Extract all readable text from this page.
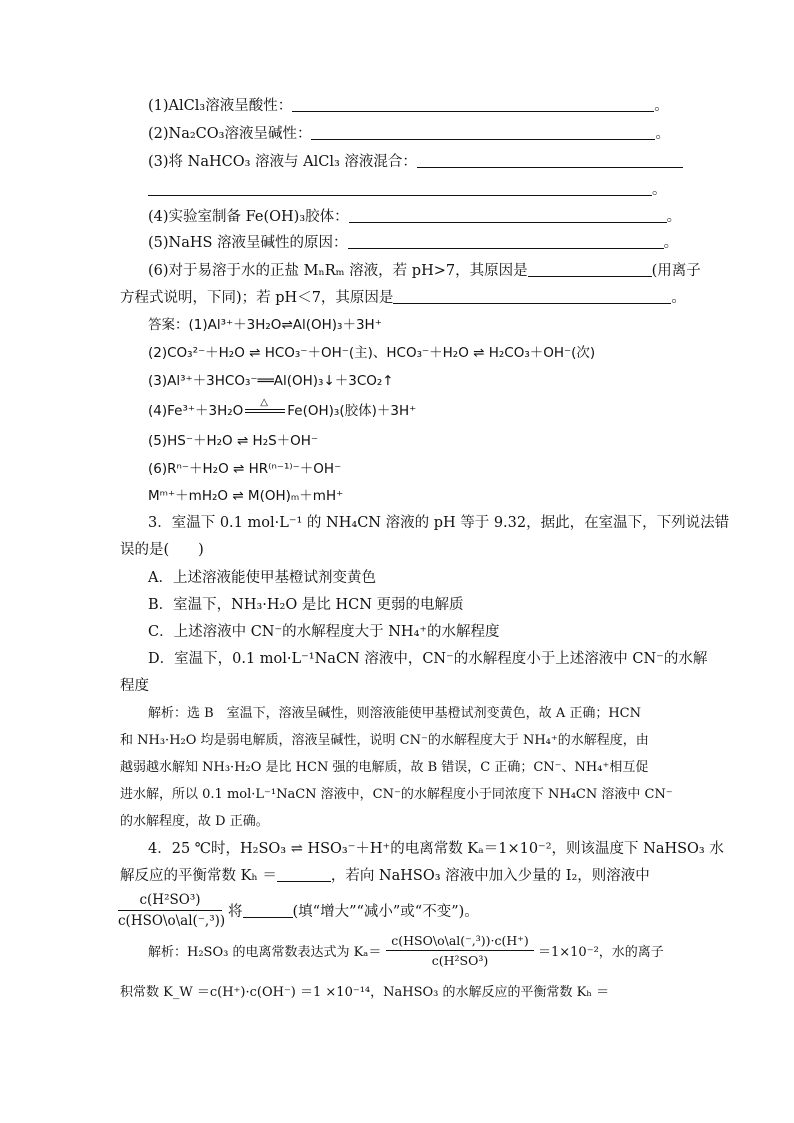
(1)AlCl₃溶液呈酸性：	。
(2)Na₂CO₃溶液呈碱性：	。
(3)将 NaHCO₃ 溶液与 AlCl₃ 溶液混合：
。
(4)实验室制备 Fe(OH)₃胶体：	。
(5)NaHS 溶液呈碱性的原因：	。
(6)对于易溶于水的正盐 MₙRₘ 溶液，若 pH>7，其原因是	(用离子
方程式说明，下同)；若 pH＜7，其原因是	。
答案：(1)Al³⁺＋3H₂O⇌Al(OH)₃＋3H⁺
(2)CO₃²⁻＋H₂O ⇌ HCO₃⁻＋OH⁻(主)、HCO₃⁻＋H₂O ⇌ H₂CO₃＋OH⁻(次)
(3)Al³⁺＋3HCO₃⁻══Al(OH)₃↓＋3CO₂↑
(4)Fe³⁺＋3H₂O
△
Fe(OH)₃(胶体)＋3H⁺
(5)HS⁻＋H₂O ⇌ H₂S＋OH⁻
(6)Rⁿ⁻＋H₂O ⇌ HR⁽ⁿ⁻¹⁾⁻＋OH⁻
Mᵐ⁺＋mH₂O ⇌ M(OH)ₘ＋mH⁺
3．室温下 0.1 mol·L⁻¹ 的 NH₄CN 溶液的 pH 等于 9.32，据此，在室温下，下列说法错
误的是(　　)
A．上述溶液能使甲基橙试剂变黄色
B．室温下，NH₃·H₂O 是比 HCN 更弱的电解质
C．上述溶液中 CN⁻的水解程度大于 NH₄⁺的水解程度
D．室温下，0.1 mol·L⁻¹NaCN 溶液中，CN⁻的水解程度小于上述溶液中 CN⁻的水解
程度
解析：选 B　室温下，溶液呈碱性，则溶液能使甲基橙试剂变黄色，故 A 正确；HCN
和 NH₃·H₂O 均是弱电解质，溶液呈碱性，说明 CN⁻的水解程度大于 NH₄⁺的水解程度，由
越弱越水解知 NH₃·H₂O 是比 HCN 强的电解质，故 B 错误，C 正确；CN⁻、NH₄⁺相互促
进水解，所以 0.1 mol·L⁻¹NaCN 溶液中，CN⁻的水解程度小于同浓度下 NH₄CN 溶液中 CN⁻
的水解程度，故 D 正确。
4．25 ℃时，H₂SO₃ ⇌ HSO₃⁻＋H⁺的电离常数 Kₐ＝1×10⁻²，则该温度下 NaHSO₃ 水
解反应的平衡常数 Kₕ ＝	，若向 NaHSO₃ 溶液中加入少量的 I₂，则溶液中
c(H²SO³)
c(HSO\o\al(⁻,³))
将	(填“增大”“减小”或“不变”)。
解析：H₂SO₃ 的电离常数表达式为 Kₐ＝
c(HSO\o\al(⁻,³))·c(H⁺)
c(H²SO³)
＝1×10⁻²，水的离子
积常数 K_W ＝c(H⁺)·c(OH⁻) ＝1 ×10⁻¹⁴，NaHSO₃ 的水解反应的平衡常数 Kₕ ＝
